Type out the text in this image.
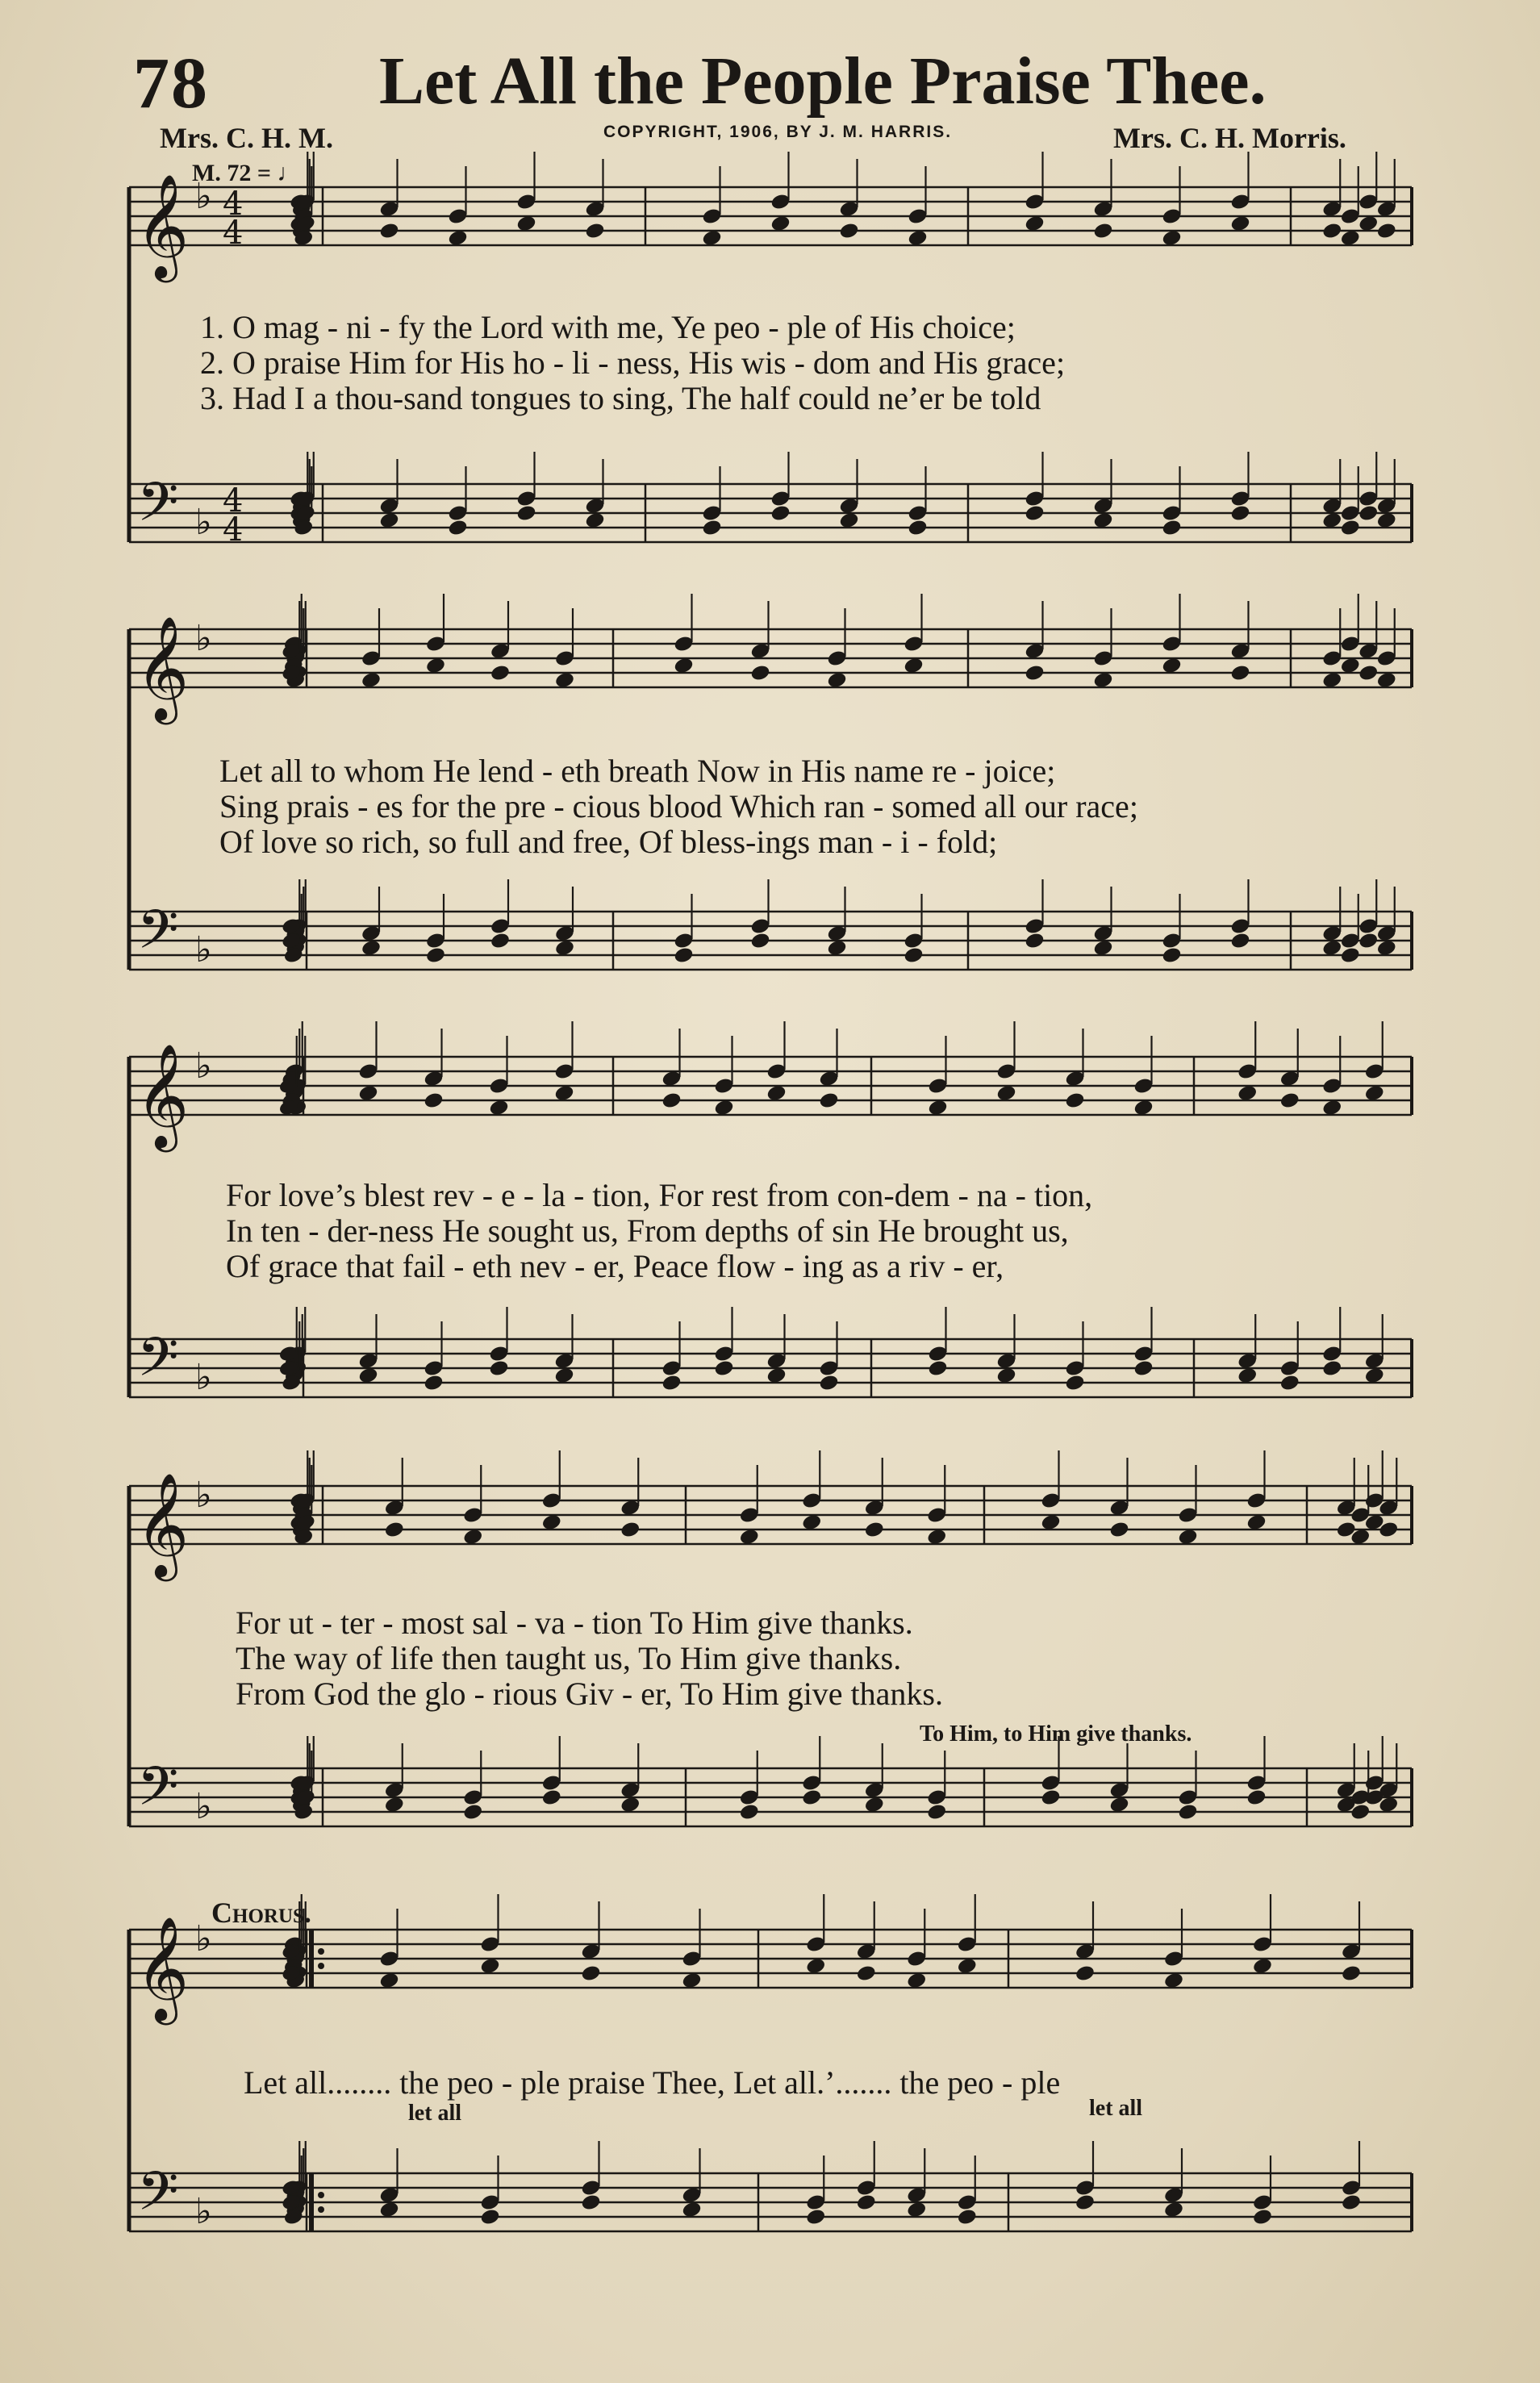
78	Let All the People Praise Thee.
Mrs. C. H. M.	COPYRIGHT, 1906, BY J. M. HARRIS.	Mrs. C. H. Morris.
M. 72 = ♩
𝄞
𝄢
♭
♭
4
4
4
4
𝄞
𝄢
♭
♭
𝄞
𝄢
♭
♭
𝄞
𝄢
♭
♭
𝄞
𝄢
♭
♭
1. O mag - ni - fy the Lord with me, Ye peo - ple of His choice;
2. O praise Him for His ho - li - ness, His wis - dom and His grace;
3. Had I a thou-sand tongues to sing, The half could ne’er be told
Let all to whom He lend - eth breath Now in His name re - joice;
Sing prais - es for the pre - cious blood Which ran - somed all our race;
Of love so rich, so full and free, Of bless-ings man - i - fold;
For love’s blest rev - e - la - tion, For rest from con-dem - na - tion,
In ten - der-ness He sought us, From depths of sin He brought us,
Of grace that fail - eth nev - er, Peace flow - ing as a riv - er,
For ut - ter - most sal - va - tion To Him give thanks.
The way of life then taught us, To Him give thanks.
From God the glo - rious Giv - er, To Him give thanks.
To Him, to Him give thanks.
Chorus.
Let all........ the peo - ple praise Thee, Let all.’....... the peo - ple
let all	let all
